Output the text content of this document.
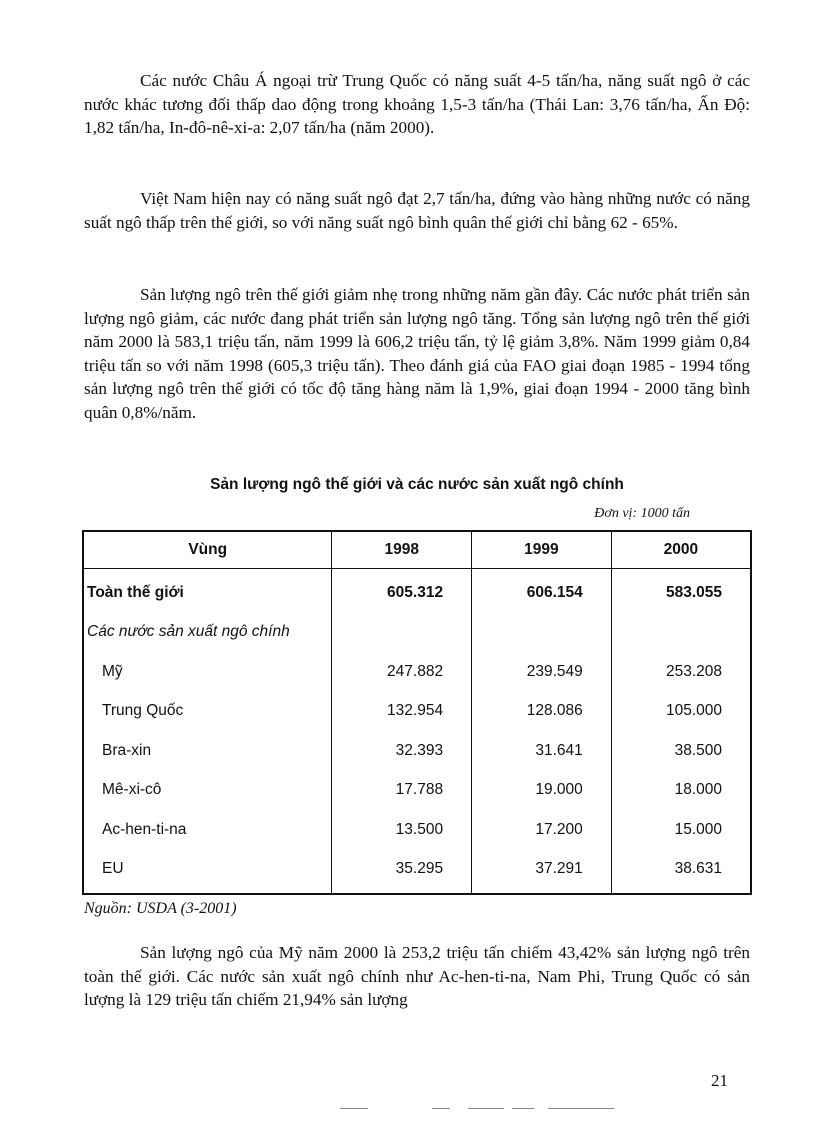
Các nước Châu Á ngoại trừ Trung Quốc có năng suất 4-5 tấn/ha, năng suất ngô ở các nước khác tương đối thấp dao động trong khoảng 1,5-3 tấn/ha (Thái Lan: 3,76 tấn/ha, Ấn Độ: 1,82 tấn/ha, In-đô-nê-xi-a: 2,07 tấn/ha (năm 2000).

Việt Nam hiện nay có năng suất ngô đạt 2,7 tấn/ha, đứng vào hàng những nước có năng suất ngô thấp trên thế giới, so với năng suất ngô bình quân thế giới chỉ bằng 62 - 65%.

Sản lượng ngô trên thế giới giảm nhẹ trong những năm gần đây. Các nước phát triển sản lượng ngô giảm, các nước đang phát triển sản lượng ngô tăng. Tổng sản lượng ngô trên thế giới năm 2000 là 583,1 triệu tấn, năm 1999 là 606,2 triệu tấn, tỷ lệ giảm 3,8%. Năm 1999 giảm 0,84 triệu tấn so với năm 1998 (605,3 triệu tấn). Theo đánh giá của FAO giai đoạn 1985 - 1994 tổng sản lượng ngô trên thế giới có tốc độ tăng hàng năm là 1,9%, giai đoạn 1994 - 2000 tăng bình quân 0,8%/năm.

Sản lượng ngô thế giới và các nước sản xuất ngô chính

Đơn vị: 1000 tấn
Vùng	1998	1999	2000
Toàn thế giới	605.312	606.154	583.055
Các nước sản xuất ngô chính			
Mỹ	247.882	239.549	253.208
Trung Quốc	132.954	128.086	105.000
Bra-xin	32.393	31.641	38.500
Mê-xi-cô	17.788	19.000	18.000
Ac-hen-ti-na	13.500	17.200	15.000
EU	35.295	37.291	38.631
Nguồn: USDA (3-2001)

Sản lượng ngô của Mỹ năm 2000 là 253,2 triệu tấn chiếm 43,42% sản lượng ngô trên toàn thế giới. Các nước sản xuất ngô chính như Ac-hen-ti-na, Nam Phi, Trung Quốc có sản lượng là 129 triệu tấn chiếm 21,94% sản lượng

21
